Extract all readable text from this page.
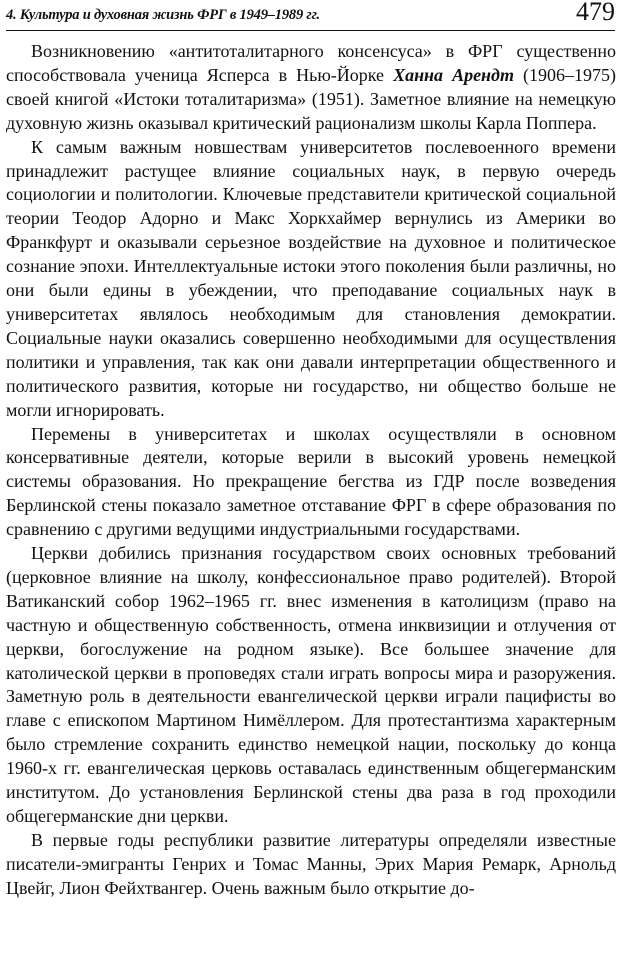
4. Культура и духовная жизнь ФРГ в 1949–1989 гг.	479

Возникновению «антитоталитарного консенсуса» в ФРГ существенно способствовала ученица Ясперса в Нью-Йорке Ханна Арендт (1906–1975) своей книгой «Истоки тоталитаризма» (1951). Заметное влияние на немецкую духовную жизнь оказывал критический рационализм школы Карла Поппера.

К самым важным новшествам университетов послевоенного времени принадлежит растущее влияние социальных наук, в первую очередь социологии и политологии. Ключевые представители критической социальной теории Теодор Адорно и Макс Хоркхаймер вернулись из Америки во Франкфурт и оказывали серьезное воздействие на духовное и политическое сознание эпохи. Интеллектуальные истоки этого поколения были различны, но они были едины в убеждении, что преподавание социальных наук в университетах являлось необходимым для становления демократии. Социальные науки оказались совершенно необходимыми для осуществления политики и управления, так как они давали интерпретации общественного и политического развития, которые ни государство, ни общество больше не могли игнорировать.

Перемены в университетах и школах осуществляли в основном консервативные деятели, которые верили в высокий уровень немецкой системы образования. Но прекращение бегства из ГДР после возведения Берлинской стены показало заметное отставание ФРГ в сфере образования по сравнению с другими ведущими индустриальными государствами.

Церкви добились признания государством своих основных требований (церковное влияние на школу, конфессиональное право родителей). Второй Ватиканский собор 1962–1965 гг. внес изменения в католицизм (право на частную и общественную собственность, отмена инквизиции и отлучения от церкви, богослужение на родном языке). Все большее значение для католической церкви в проповедях стали играть вопросы мира и разоружения. Заметную роль в деятельности евангелической церкви играли пацифисты во главе с епископом Мартином Нимёллером. Для протестантизма характерным было стремление сохранить единство немецкой нации, поскольку до конца 1960-х гг. евангелическая церковь оставалась единственным общегерманским институтом. До установления Берлинской стены два раза в год проходили общегерманские дни церкви.

В первые годы республики развитие литературы определяли известные писатели-эмигранты Генрих и Томас Манны, Эрих Мария Ремарк, Арнольд Цвейг, Лион Фейхтвангер. Очень важным было открытие до-
